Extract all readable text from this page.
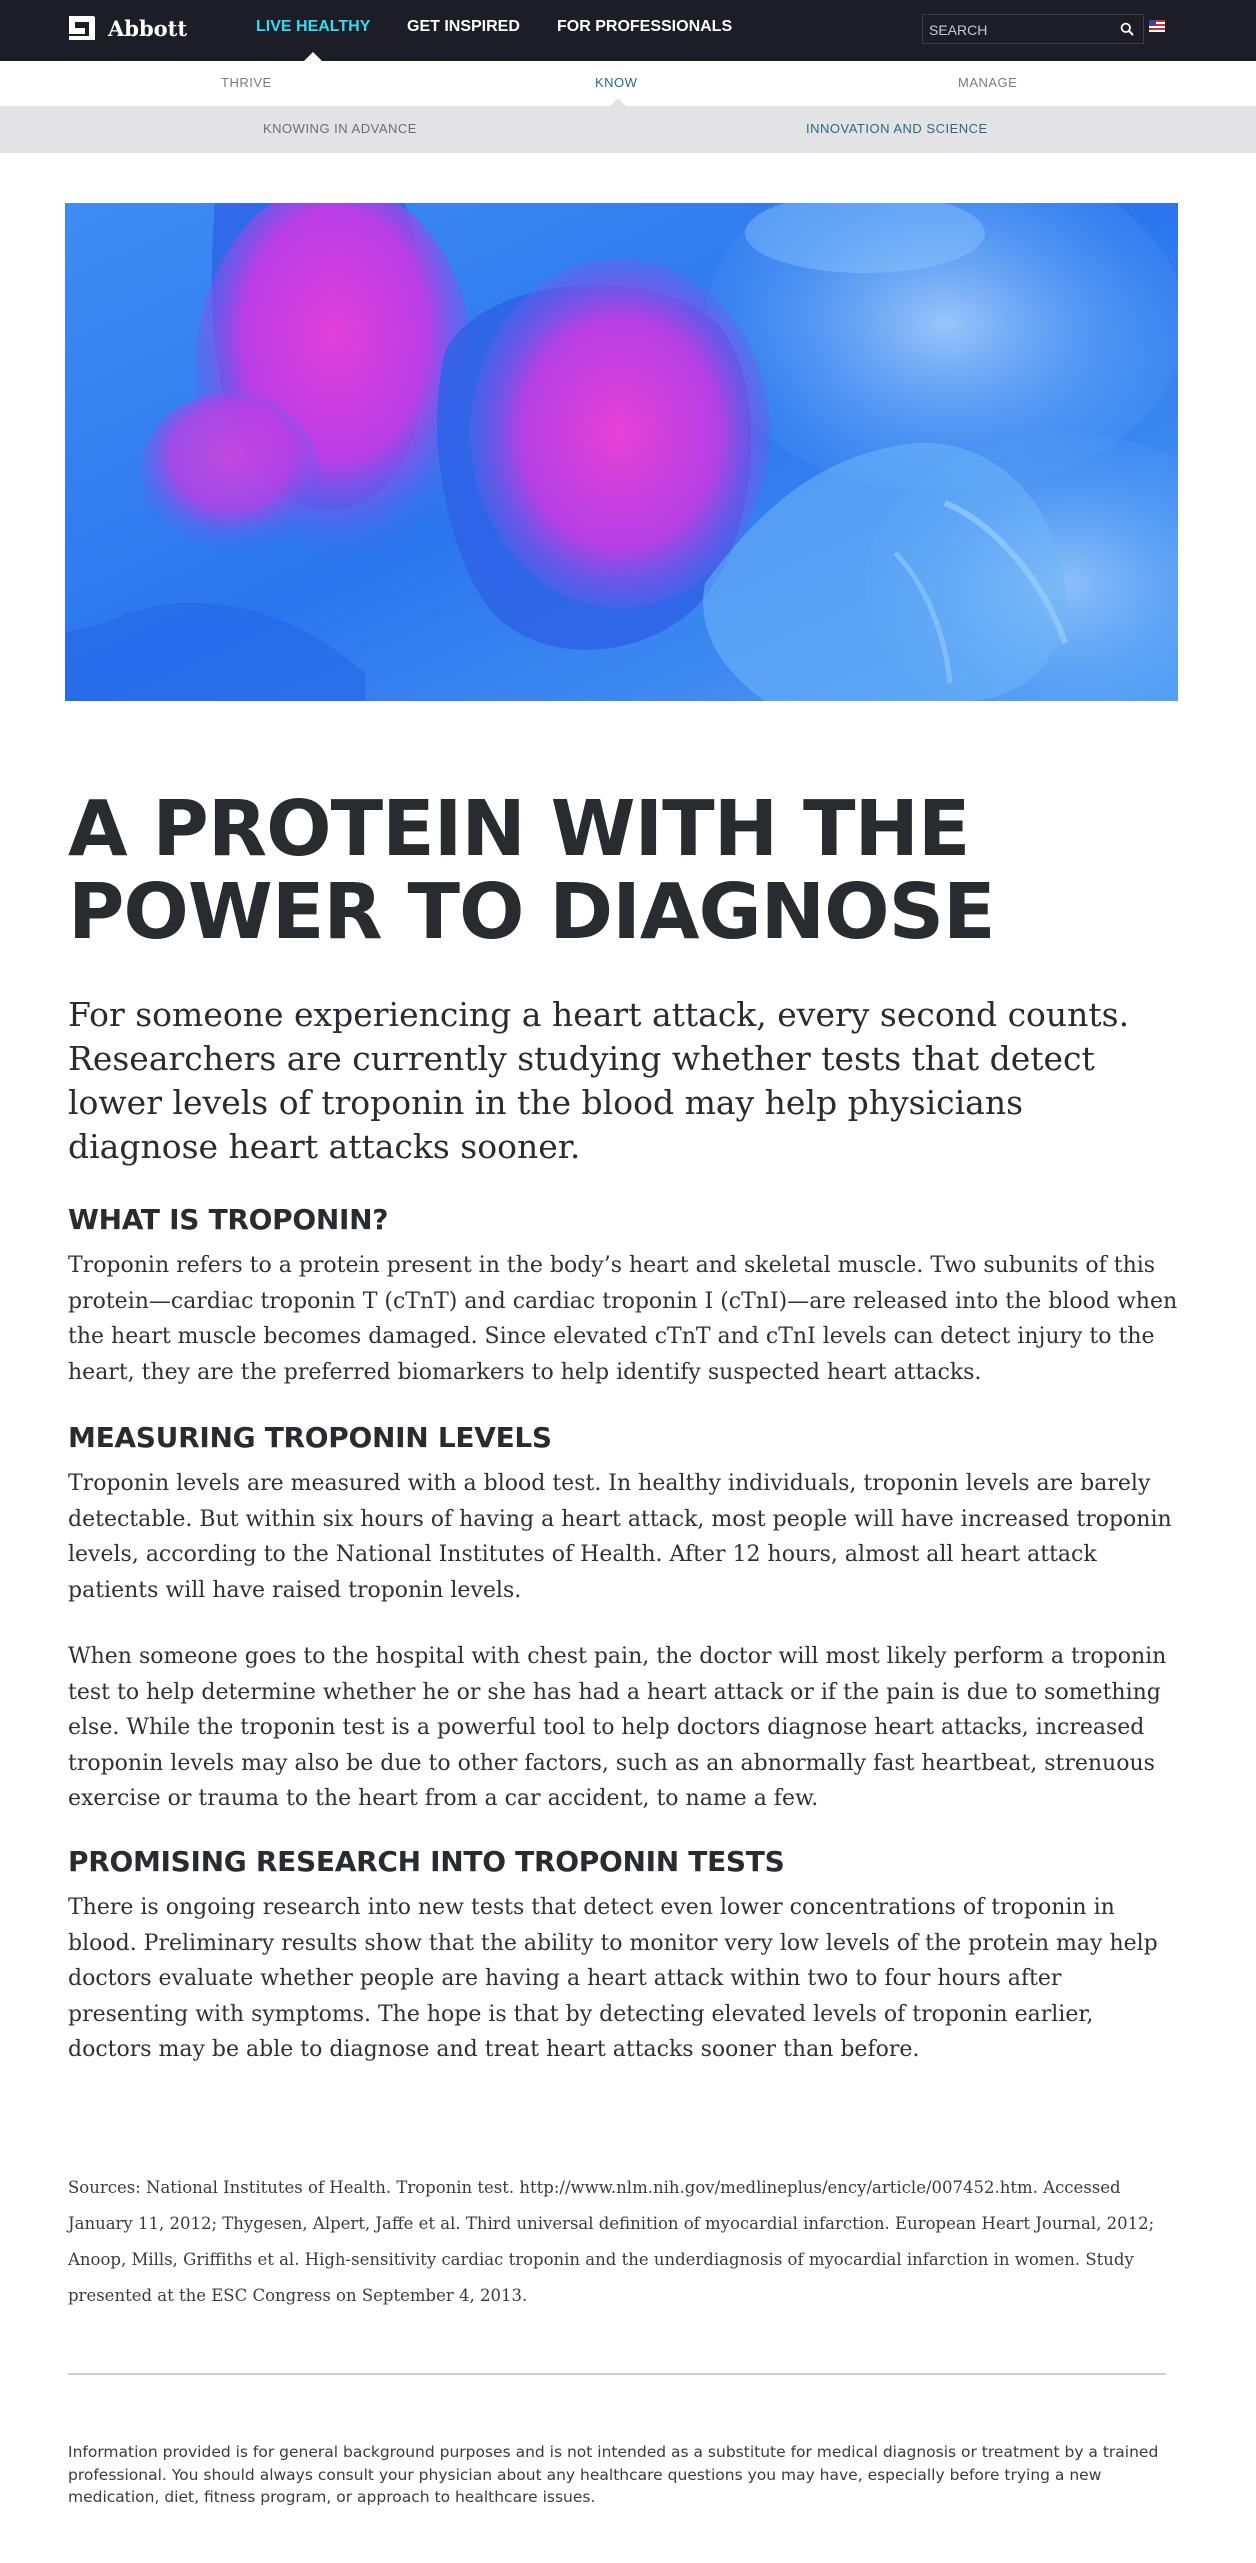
Abbott	LIVE HEALTHY GET INSPIRED FOR PROFESSIONALS
SEARCH
THRIVE	KNOW	MANAGE
KNOWING IN ADVANCE	INNOVATION AND SCIENCE
A PROTEIN WITH THE POWER TO DIAGNOSE

For someone experiencing a heart attack, every second counts. Researchers are currently studying whether tests that detect lower levels of troponin in the blood may help physicians diagnose heart attacks sooner.

WHAT IS TROPONIN?

Troponin refers to a protein present in the body’s heart and skeletal muscle. Two subunits of this protein—cardiac troponin T (cTnT) and cardiac troponin I (cTnI)—are released into the blood when the heart muscle becomes damaged. Since elevated cTnT and cTnI levels can detect injury to the heart, they are the preferred biomarkers to help identify suspected heart attacks.

MEASURING TROPONIN LEVELS

Troponin levels are measured with a blood test. In healthy individuals, troponin levels are barely detectable. But within six hours of having a heart attack, most people will have increased troponin levels, according to the National Institutes of Health. After 12 hours, almost all heart attack patients will have raised troponin levels.

When someone goes to the hospital with chest pain, the doctor will most likely perform a troponin test to help determine whether he or she has had a heart attack or if the pain is due to something else. While the troponin test is a powerful tool to help doctors diagnose heart attacks, increased troponin levels may also be due to other factors, such as an abnormally fast heartbeat, strenuous exercise or trauma to the heart from a car accident, to name a few.

PROMISING RESEARCH INTO TROPONIN TESTS

There is ongoing research into new tests that detect even lower concentrations of troponin in blood. Preliminary results show that the ability to monitor very low levels of the protein may help doctors evaluate whether people are having a heart attack within two to four hours after presenting with symptoms. The hope is that by detecting elevated levels of troponin earlier, doctors may be able to diagnose and treat heart attacks sooner than before.

Sources: National Institutes of Health. Troponin test. http://www.nlm.nih.gov/medlineplus/ency/article/007452.htm. Accessed January 11, 2012; Thygesen, Alpert, Jaffe et al. Third universal definition of myocardial infarction. European Heart Journal, 2012; Anoop, Mills, Griffiths et al. High-sensitivity cardiac troponin and the underdiagnosis of myocardial infarction in women. Study presented at the ESC Congress on September 4, 2013.

Information provided is for general background purposes and is not intended as a substitute for medical diagnosis or treatment by a trained professional. You should always consult your physician about any healthcare questions you may have, especially before trying a new medication, diet, fitness program, or approach to healthcare issues.
